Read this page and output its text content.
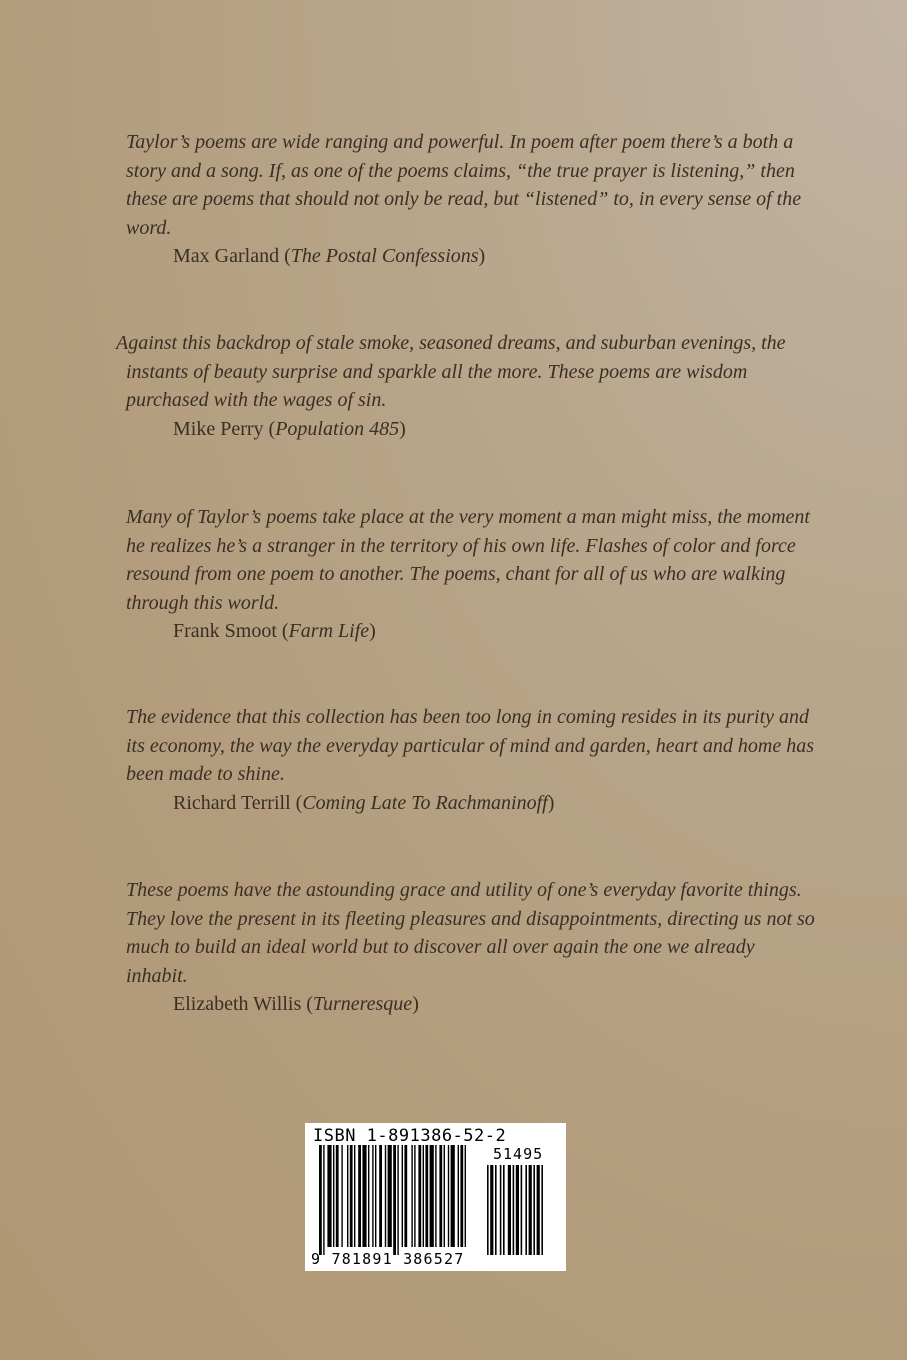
Taylor’s poems are wide ranging and powerful. In poem after poem there’s a both a story and a song. If, as one of the poems claims, “the true prayer is listening,” then these are poems that should not only be read, but “listened” to, in every sense of the word.

Max Garland (The Postal Confessions)

Against this backdrop of stale smoke, seasoned dreams, and suburban evenings, the instants of beauty surprise and sparkle all the more. These poems are wisdom purchased with the wages of sin.

Mike Perry (Population 485)

Many of Taylor’s poems take place at the very moment a man might miss, the moment he realizes he’s a stranger in the territory of his own life. Flashes of color and force resound from one poem to another. The poems, chant for all of us who are walking through this world.

Frank Smoot (Farm Life)

The evidence that this collection has been too long in coming resides in its purity and its economy, the way the everyday particular of mind and garden, heart and home has been made to shine.

Richard Terrill (Coming Late To Rachmaninoff)

These poems have the astounding grace and utility of one’s everyday favorite things. They love the present in its fleeting pleasures and disappointments, directing us not so much to build an ideal world but to discover all over again the one we already inhabit.

Elizabeth Willis (Turneresque)

ISBN 1-891386-52-2
51495
9 781891 386527
